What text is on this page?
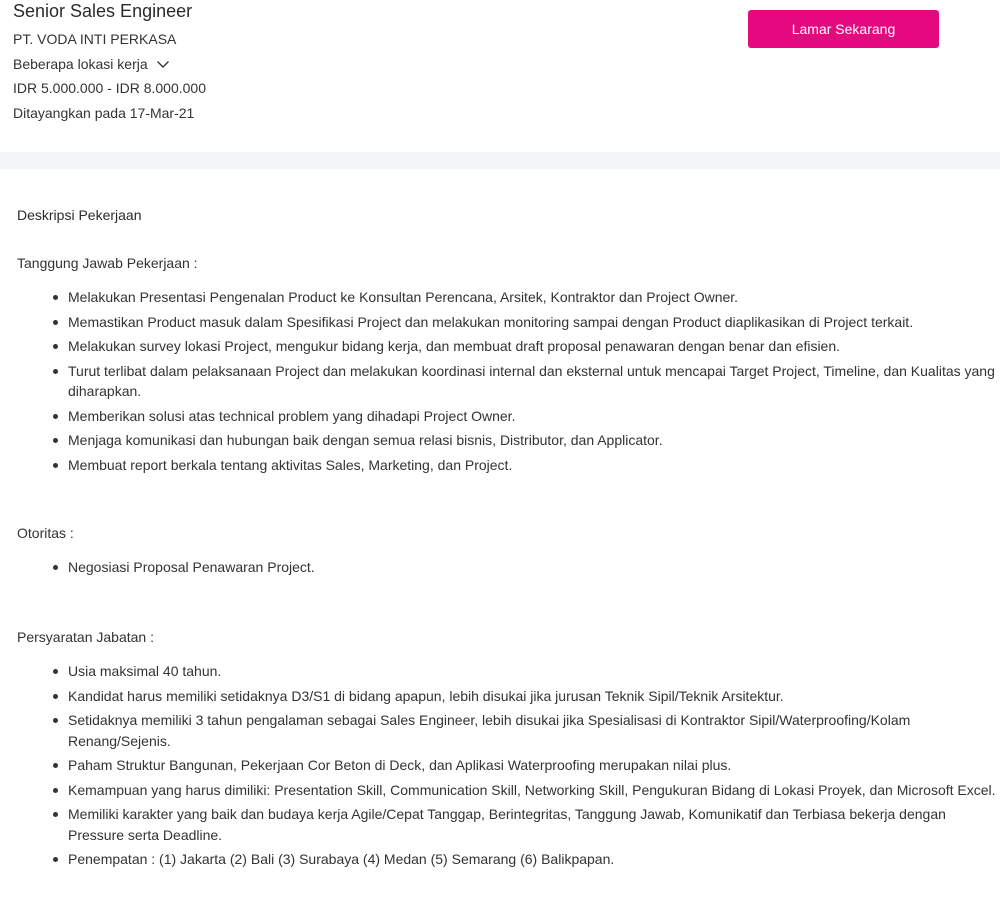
Senior Sales Engineer
PT. VODA INTI PERKASA
Beberapa lokasi kerja
IDR 5.000.000 - IDR 8.000.000
Ditayangkan pada 17-Mar-21
Lamar Sekarang
Deskripsi Pekerjaan
Tanggung Jawab Pekerjaan :
Melakukan Presentasi Pengenalan Product ke Konsultan Perencana, Arsitek, Kontraktor dan Project Owner.
Memastikan Product masuk dalam Spesifikasi Project dan melakukan monitoring sampai dengan Product diaplikasikan di Project terkait.
Melakukan survey lokasi Project, mengukur bidang kerja, dan membuat draft proposal penawaran dengan benar dan efisien.
Turut terlibat dalam pelaksanaan Project dan melakukan koordinasi internal dan eksternal untuk mencapai Target Project, Timeline, dan Kualitas yang diharapkan.
Memberikan solusi atas technical problem yang dihadapi Project Owner.
Menjaga komunikasi dan hubungan baik dengan semua relasi bisnis, Distributor, dan Applicator.
Membuat report berkala tentang aktivitas Sales, Marketing, dan Project.
Otoritas :
Negosiasi Proposal Penawaran Project.
Persyaratan Jabatan :
Usia maksimal 40 tahun.
Kandidat harus memiliki setidaknya D3/S1 di bidang apapun, lebih disukai jika jurusan Teknik Sipil/Teknik Arsitektur.
Setidaknya memiliki 3 tahun pengalaman sebagai Sales Engineer, lebih disukai jika Spesialisasi di Kontraktor Sipil/Waterproofing/Kolam Renang/Sejenis.
Paham Struktur Bangunan, Pekerjaan Cor Beton di Deck, dan Aplikasi Waterproofing merupakan nilai plus.
Kemampuan yang harus dimiliki: Presentation Skill, Communication Skill, Networking Skill, Pengukuran Bidang di Lokasi Proyek, dan Microsoft Excel.
Memiliki karakter yang baik dan budaya kerja Agile/Cepat Tanggap, Berintegritas, Tanggung Jawab, Komunikatif dan Terbiasa bekerja dengan Pressure serta Deadline.
Penempatan : (1) Jakarta (2) Bali (3) Surabaya (4) Medan (5) Semarang (6) Balikpapan.
